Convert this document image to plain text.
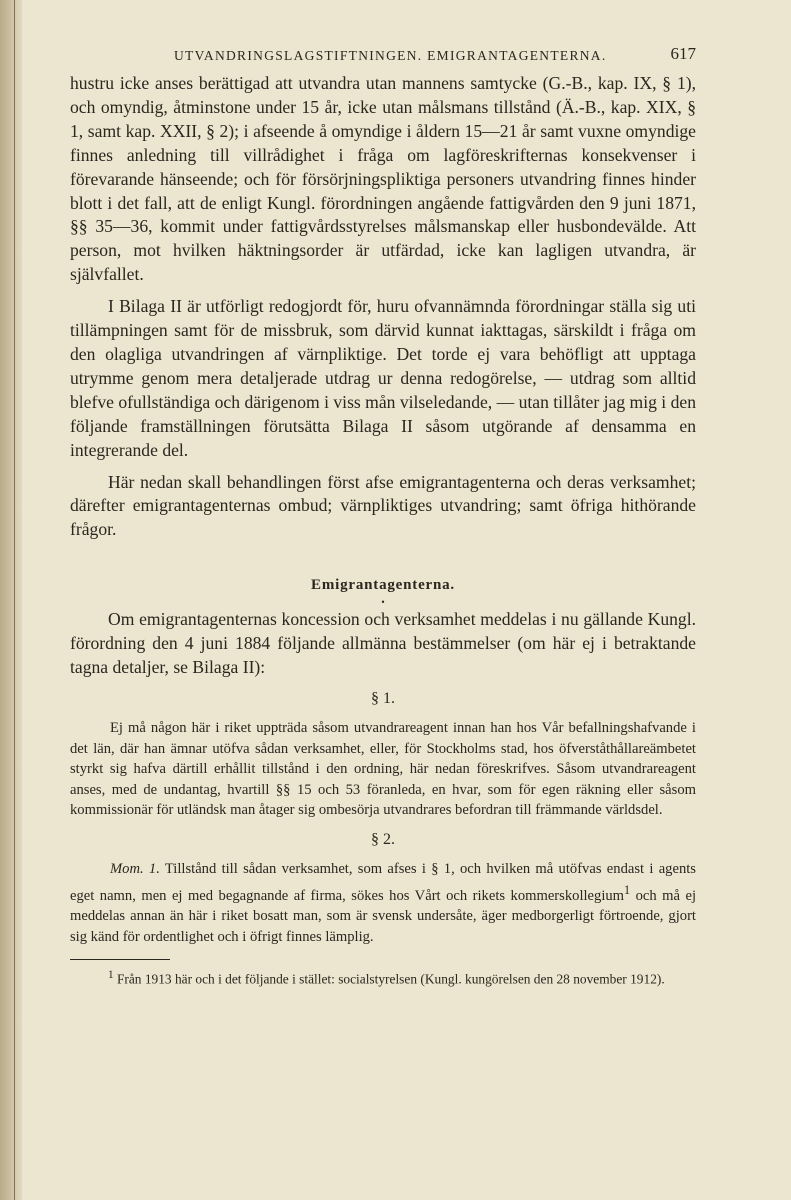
UTVANDRINGSLAGSTIFTNINGEN. EMIGRANTAGENTERNA.	617

hustru icke anses berättigad att utvandra utan mannens samtycke (G.-B., kap. IX, § 1), och omyndig, åtminstone under 15 år, icke utan målsmans tillstånd (Ä.-B., kap. XIX, § 1, samt kap. XXII, § 2); i afseende å omyndige i åldern 15—21 år samt vuxne omyndige finnes anledning till villrådighet i fråga om lagföreskrifternas konsekvenser i förevarande hänseende; och för försörjningspliktiga personers utvandring finnes hinder blott i det fall, att de enligt Kungl. förordningen angående fattigvården den 9 juni 1871, §§ 35—36, kommit under fattigvårdsstyrelses målsmanskap eller husbondevälde. Att person, mot hvilken häktningsorder är utfärdad, icke kan lagligen utvandra, är självfallet.

I Bilaga II är utförligt redogjordt för, huru ofvannämnda förordningar ställa sig uti tillämpningen samt för de missbruk, som därvid kunnat iakttagas, särskildt i fråga om den olagliga utvandringen af värnpliktige. Det torde ej vara behöfligt att upptaga utrymme genom mera detaljerade utdrag ur denna redogörelse, — utdrag som alltid blefve ofullständiga och därigenom i viss mån vilseledande, — utan tillåter jag mig i den följande framställningen förutsätta Bilaga II såsom utgörande af densamma en integrerande del.

Här nedan skall behandlingen först afse emigrantagenterna och deras verksamhet; därefter emigrantagenternas ombud; värnpliktiges utvandring; samt öfriga hithörande frågor.

Emigrantagenterna.
•

Om emigrantagenternas koncession och verksamhet meddelas i nu gällande Kungl. förordning den 4 juni 1884 följande allmänna bestämmelser (om här ej i betraktande tagna detaljer, se Bilaga II):

§ 1.

Ej må någon här i riket uppträda såsom utvandrareagent innan han hos Vår befallningshafvande i det län, där han ämnar utöfva sådan verksamhet, eller, för Stockholms stad, hos öfverståthållareämbetet styrkt sig hafva därtill erhållit tillstånd i den ordning, här nedan föreskrifves. Såsom utvandrareagent anses, med de undantag, hvartill §§ 15 och 53 föranleda, en hvar, som för egen räkning eller såsom kommissionär för utländsk man åtager sig ombesörja utvandrares befordran till främmande världsdel.

§ 2.

Mom. 1. Tillstånd till sådan verksamhet, som afses i § 1, och hvilken må utöfvas endast i agents eget namn, men ej med begagnande af firma, sökes hos Vårt och rikets kommerskollegium$^1$ och må ej meddelas annan än här i riket bosatt man, som är svensk undersåte, äger medborgerligt förtroende, gjort sig känd för ordentlighet och i öfrigt finnes lämplig.

$^1$ Från 1913 här och i det följande i stället: socialstyrelsen (Kungl. kungörelsen den 28 november 1912).
